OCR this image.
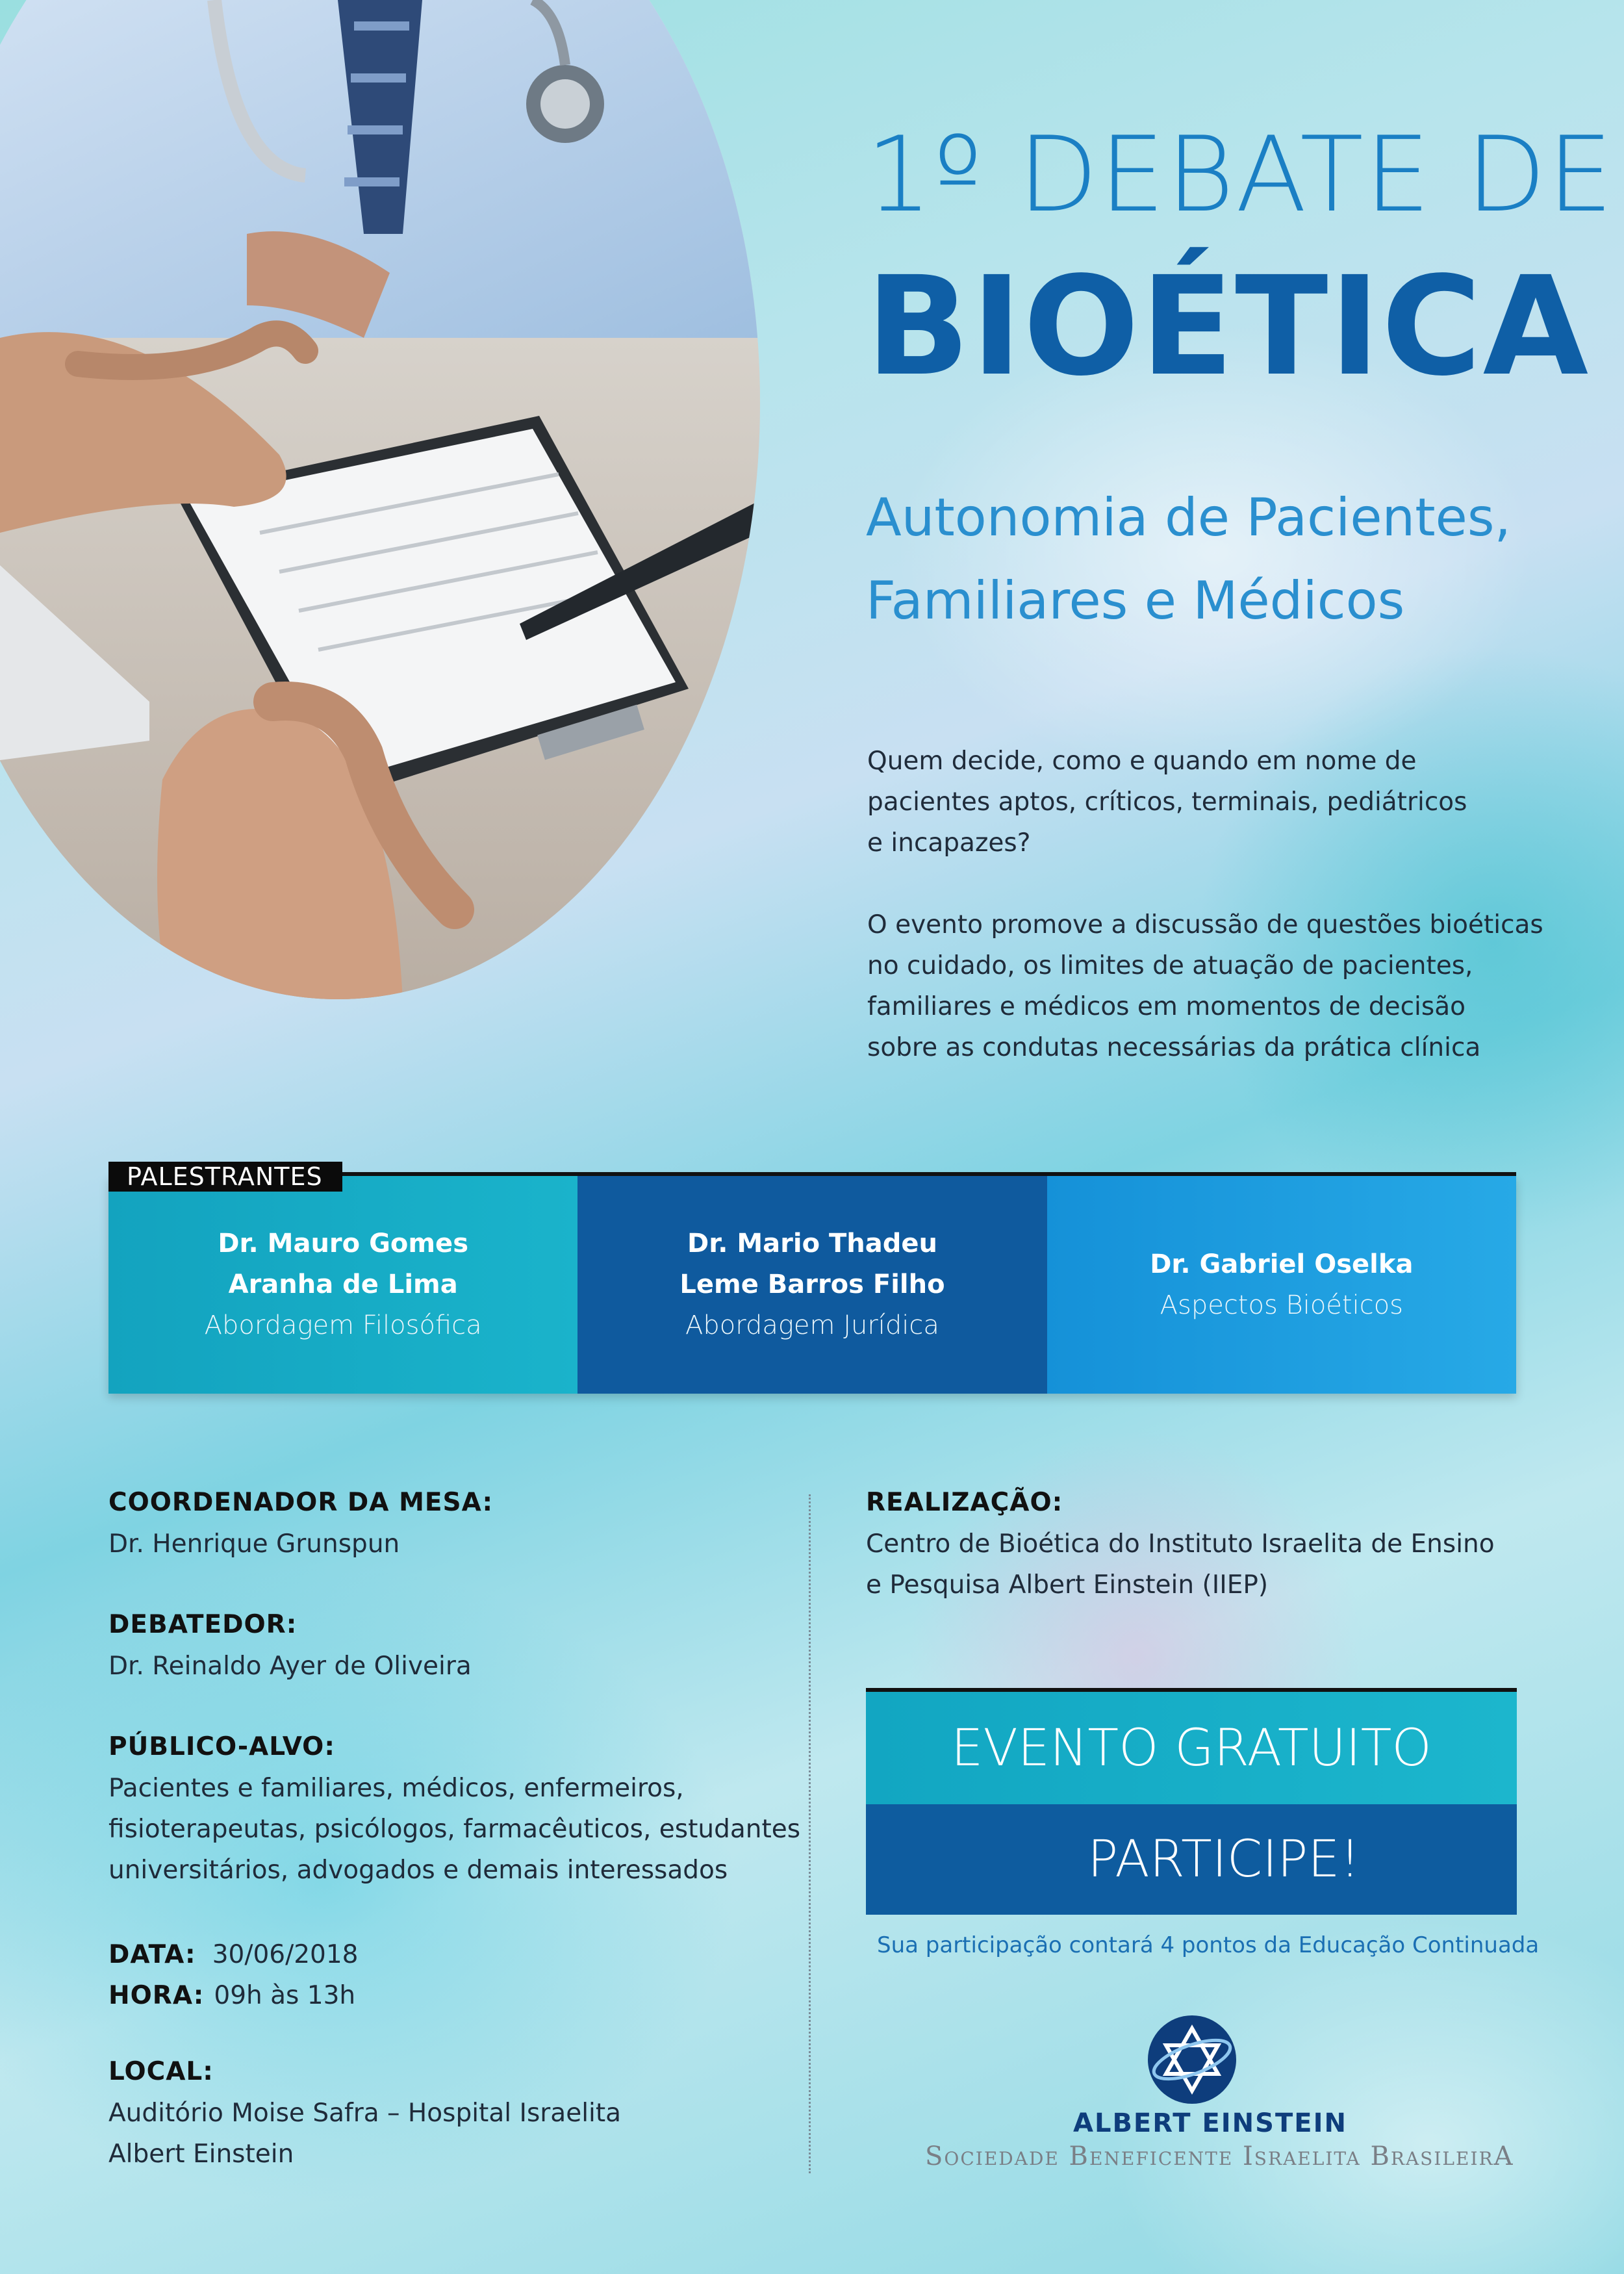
1º DEBATE DE
BIOÉTICA
Autonomia de Pacientes,
Familiares e Médicos
Quem decide, como e quando em nome de
pacientes aptos, críticos, terminais, pediátricos
e incapazes?
O evento promove a discussão de questões bioéticas
no cuidado, os limites de atuação de pacientes,
familiares e médicos em momentos de decisão
sobre as condutas necessárias da prática clínica
Dr. Mauro Gomes
Aranha de Lima
Abordagem Filosófica
Dr. Mario Thadeu
Leme Barros Filho
Abordagem Jurídica
Dr. Gabriel Oselka
Aspectos Bioéticos
PALESTRANTES
COORDENADOR DA MESA:
Dr. Henrique Grunspun
DEBATEDOR:
Dr. Reinaldo Ayer de Oliveira
PÚBLICO-ALVO:
Pacientes e familiares, médicos, enfermeiros,
fisioterapeutas, psicólogos, farmacêuticos, estudantes
universitários, advogados e demais interessados
DATA: 30/06/2018
HORA: 09h às 13h
LOCAL:
Auditório Moise Safra – Hospital Israelita
Albert Einstein
REALIZAÇÃO:
Centro de Bioética do Instituto Israelita de Ensino
e Pesquisa Albert Einstein (IIEP)
EVENTO GRATUITO
PARTICIPE!
Sua participação contará 4 pontos da Educação Continuada
ALBERT EINSTEIN
Sociedade Beneficente Israelita BrasileirA
